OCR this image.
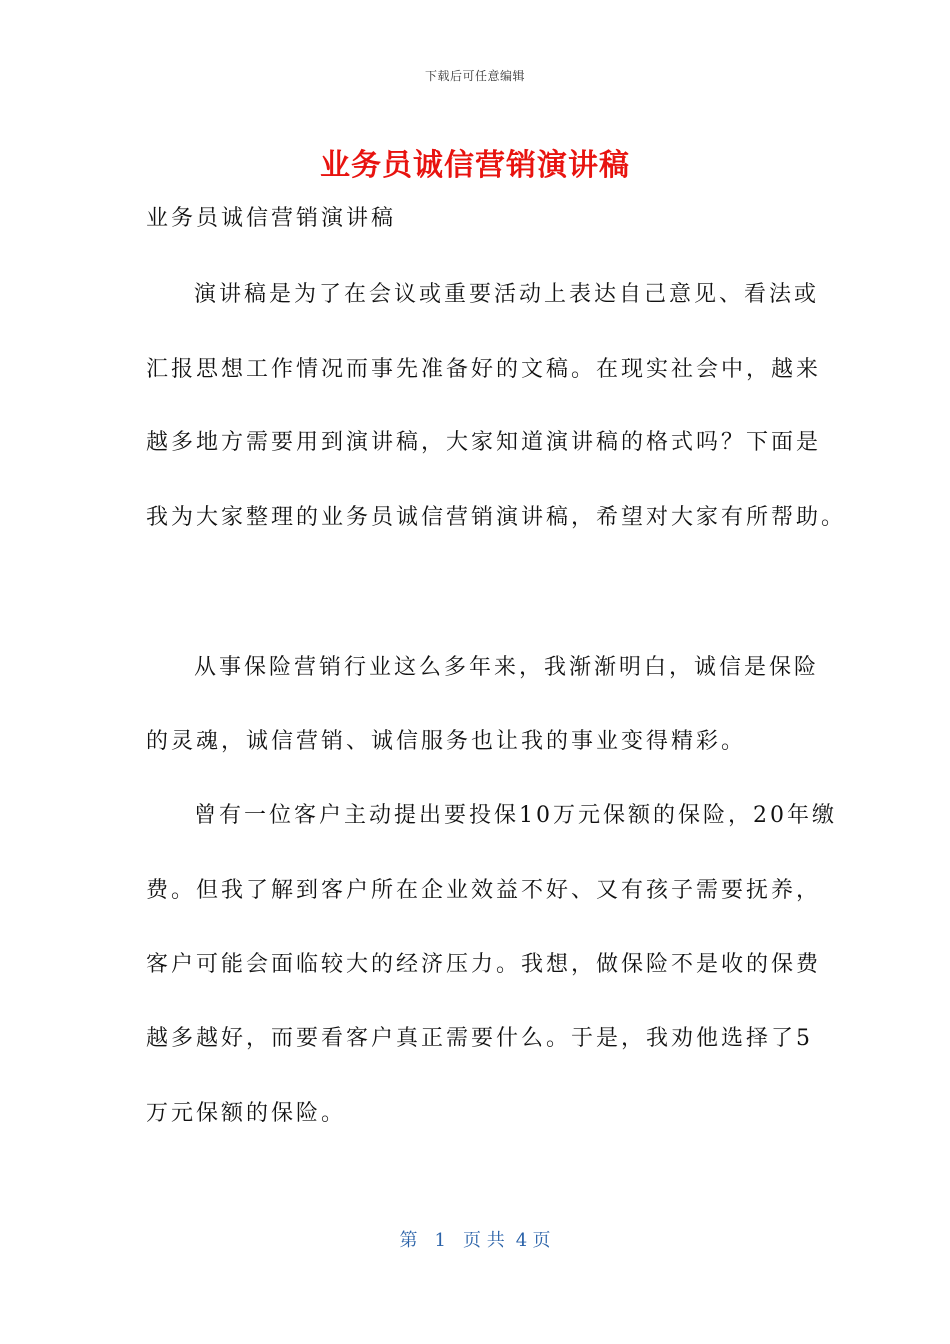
下载后可任意编辑
业务员诚信营销演讲稿
业务员诚信营销演讲稿
演讲稿是为了在会议或重要活动上表达自己意见、看法或
汇报思想工作情况而事先准备好的文稿。在现实社会中，越来
越多地方需要用到演讲稿，大家知道演讲稿的格式吗？下面是
我为大家整理的业务员诚信营销演讲稿，希望对大家有所帮助。
从事保险营销行业这么多年来，我渐渐明白，诚信是保险
的灵魂，诚信营销、诚信服务也让我的事业变得精彩。
曾有一位客户主动提出要投保10万元保额的保险，20年缴
费。但我了解到客户所在企业效益不好、又有孩子需要抚养，
客户可能会面临较大的经济压力。我想，做保险不是收的保费
越多越好，而要看客户真正需要什么。于是，我劝他选择了5
万元保额的保险。
第 1 页 共 4 页
